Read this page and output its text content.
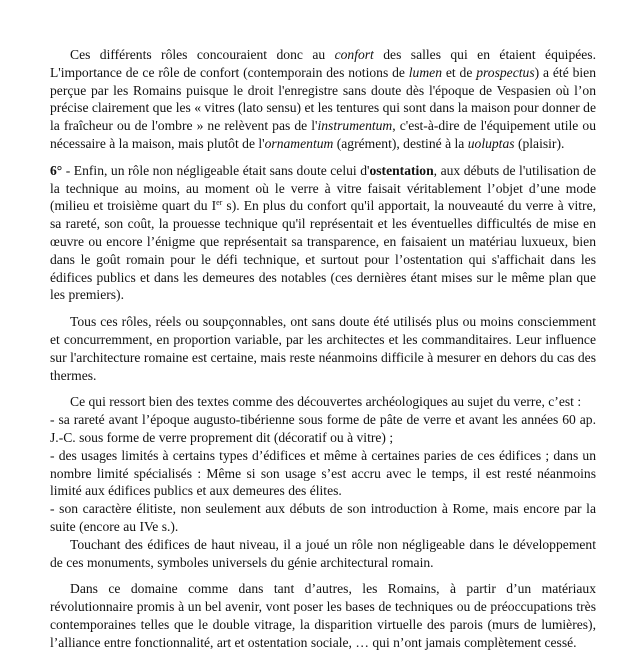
Ces différents rôles concouraient donc au confort des salles qui en étaient équipées. L'importance de ce rôle de confort (contemporain des notions de lumen et de prospectus) a été bien perçue par les Romains puisque le droit l'enregistre sans doute dès l'époque de Vespasien où l’on précise clairement que les « vitres (lato sensu) et les tentures qui sont dans la maison pour donner de la fraîcheur ou de l'ombre » ne relèvent pas de l'instrumentum, c'est-à-dire de l'équipement utile ou nécessaire à la maison, mais plutôt de l'ornamentum (agrément), destiné à la uoluptas (plaisir).

6° - Enfin, un rôle non négligeable était sans doute celui d'ostentation, aux débuts de l'utilisation de la technique au moins, au moment où le verre à vitre faisait véritablement l’objet d’une mode (milieu et troisième quart du Ier s). En plus du confort qu'il apportait, la nouveauté du verre à vitre, sa rareté, son coût, la prouesse technique qu'il représentait et les éventuelles difficultés de mise en œuvre ou encore l’énigme que représentait sa transparence, en faisaient un matériau luxueux, bien dans le goût romain pour le défi technique, et surtout pour l’ostentation qui s'affichait dans les édifices publics et dans les demeures des notables (ces dernières étant mises sur le même plan que les premiers).

Tous ces rôles, réels ou soupçonnables, ont sans doute été utilisés plus ou moins consciemment et concurremment, en proportion variable, par les architectes et les commanditaires. Leur influence sur l'architecture romaine est certaine, mais reste néanmoins difficile à mesurer en dehors du cas des thermes.

Ce qui ressort bien des textes comme des découvertes archéologiques au sujet du verre, c’est :

- sa rareté avant l’époque augusto-tibérienne sous forme de pâte de verre et avant les années 60 ap. J.-C. sous forme de verre proprement dit (décoratif ou à vitre) ;

- des usages limités à certains types d’édifices et même à certaines paries de ces édifices ; dans un nombre limité spécialisés : Même si son usage s’est accru avec le temps, il est resté néanmoins limité aux édifices publics et aux demeures des élites.

- son caractère élitiste, non seulement aux débuts de son introduction à Rome, mais encore par la suite (encore au IVe s.).

Touchant des édifices de haut niveau, il a joué un rôle non négligeable dans le développement de ces monuments, symboles universels du génie architectural romain.

Dans ce domaine comme dans tant d’autres, les Romains, à partir d’un matériaux révolutionnaire promis à un bel avenir, vont poser les bases de techniques ou de préoccupations très contemporaines telles que le double vitrage, la disparition virtuelle des parois (murs de lumières), l’alliance entre fonctionnalité, art et ostentation sociale, … qui n’ont jamais complètement cessé.
